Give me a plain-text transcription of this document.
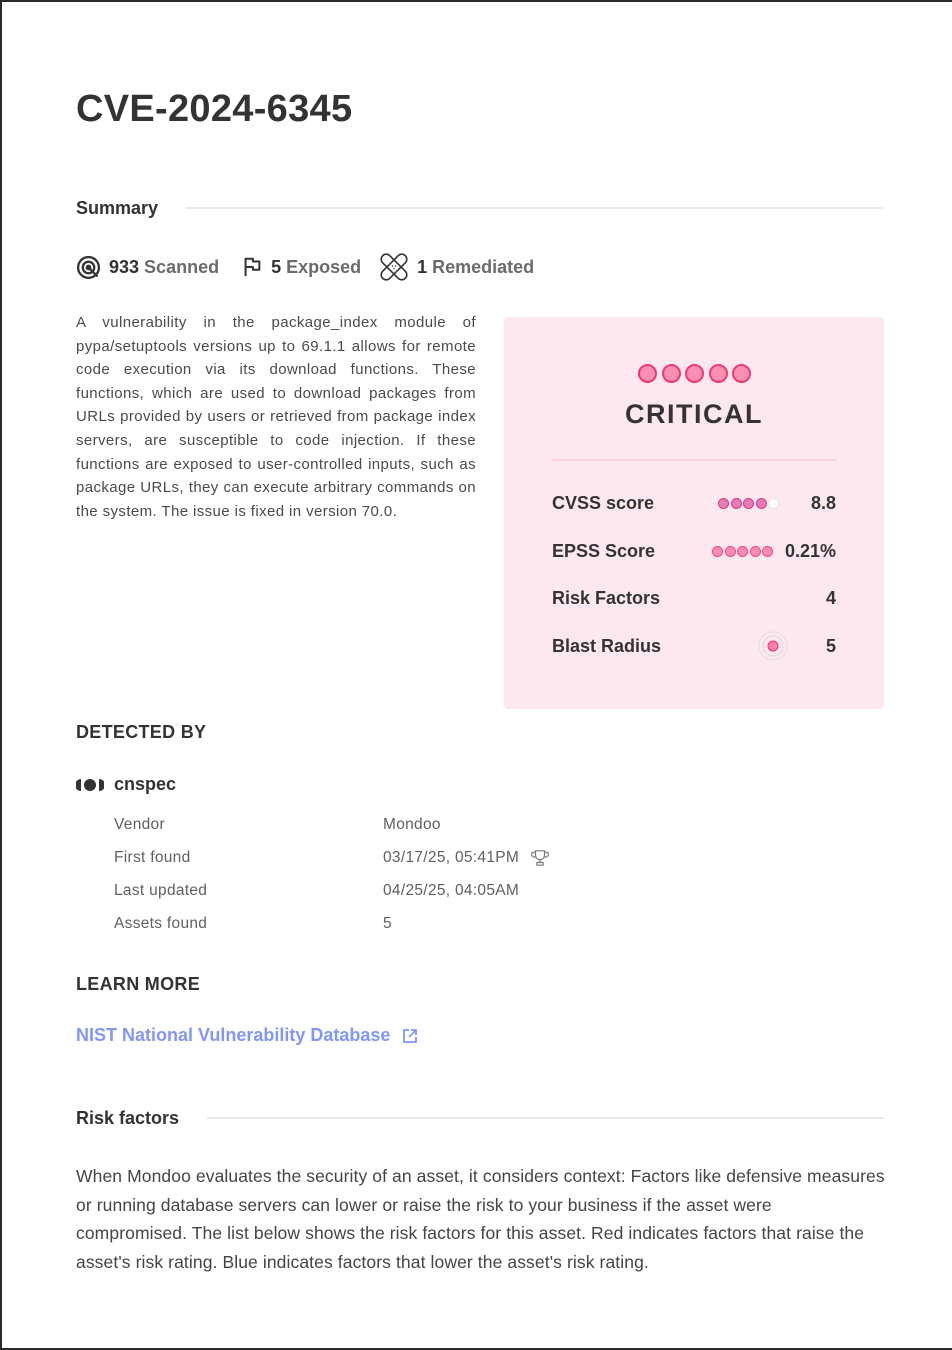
CVE-2024-6345
Summary
933 Scanned	5 Exposed	1 Remediated

A vulnerability in the package_index module of pypa/setuptools versions up to 69.1.1 allows for remote code execution via its download functions. These functions, which are used to download packages from URLs provided by users or retrieved from package index servers, are susceptible to code injection. If these functions are exposed to user-controlled inputs, such as package URLs, they can execute arbitrary commands on the system. The issue is fixed in version 70.0.

CRITICAL
CVSS score	8.8
EPSS Score	0.21%
Risk Factors	4
Blast Radius	5
DETECTED BY
cnspec
Vendor	Mondoo
First found	03/17/25, 05:41PM
Last updated	04/25/25, 04:05AM
Assets found	5
LEARN MORE
NIST National Vulnerability Database
Risk factors

When Mondoo evaluates the security of an asset, it considers context: Factors like defensive measures or running database servers can lower or raise the risk to your business if the asset were compromised. The list below shows the risk factors for this asset. Red indicates factors that raise the asset's risk rating. Blue indicates factors that lower the asset's risk rating.
